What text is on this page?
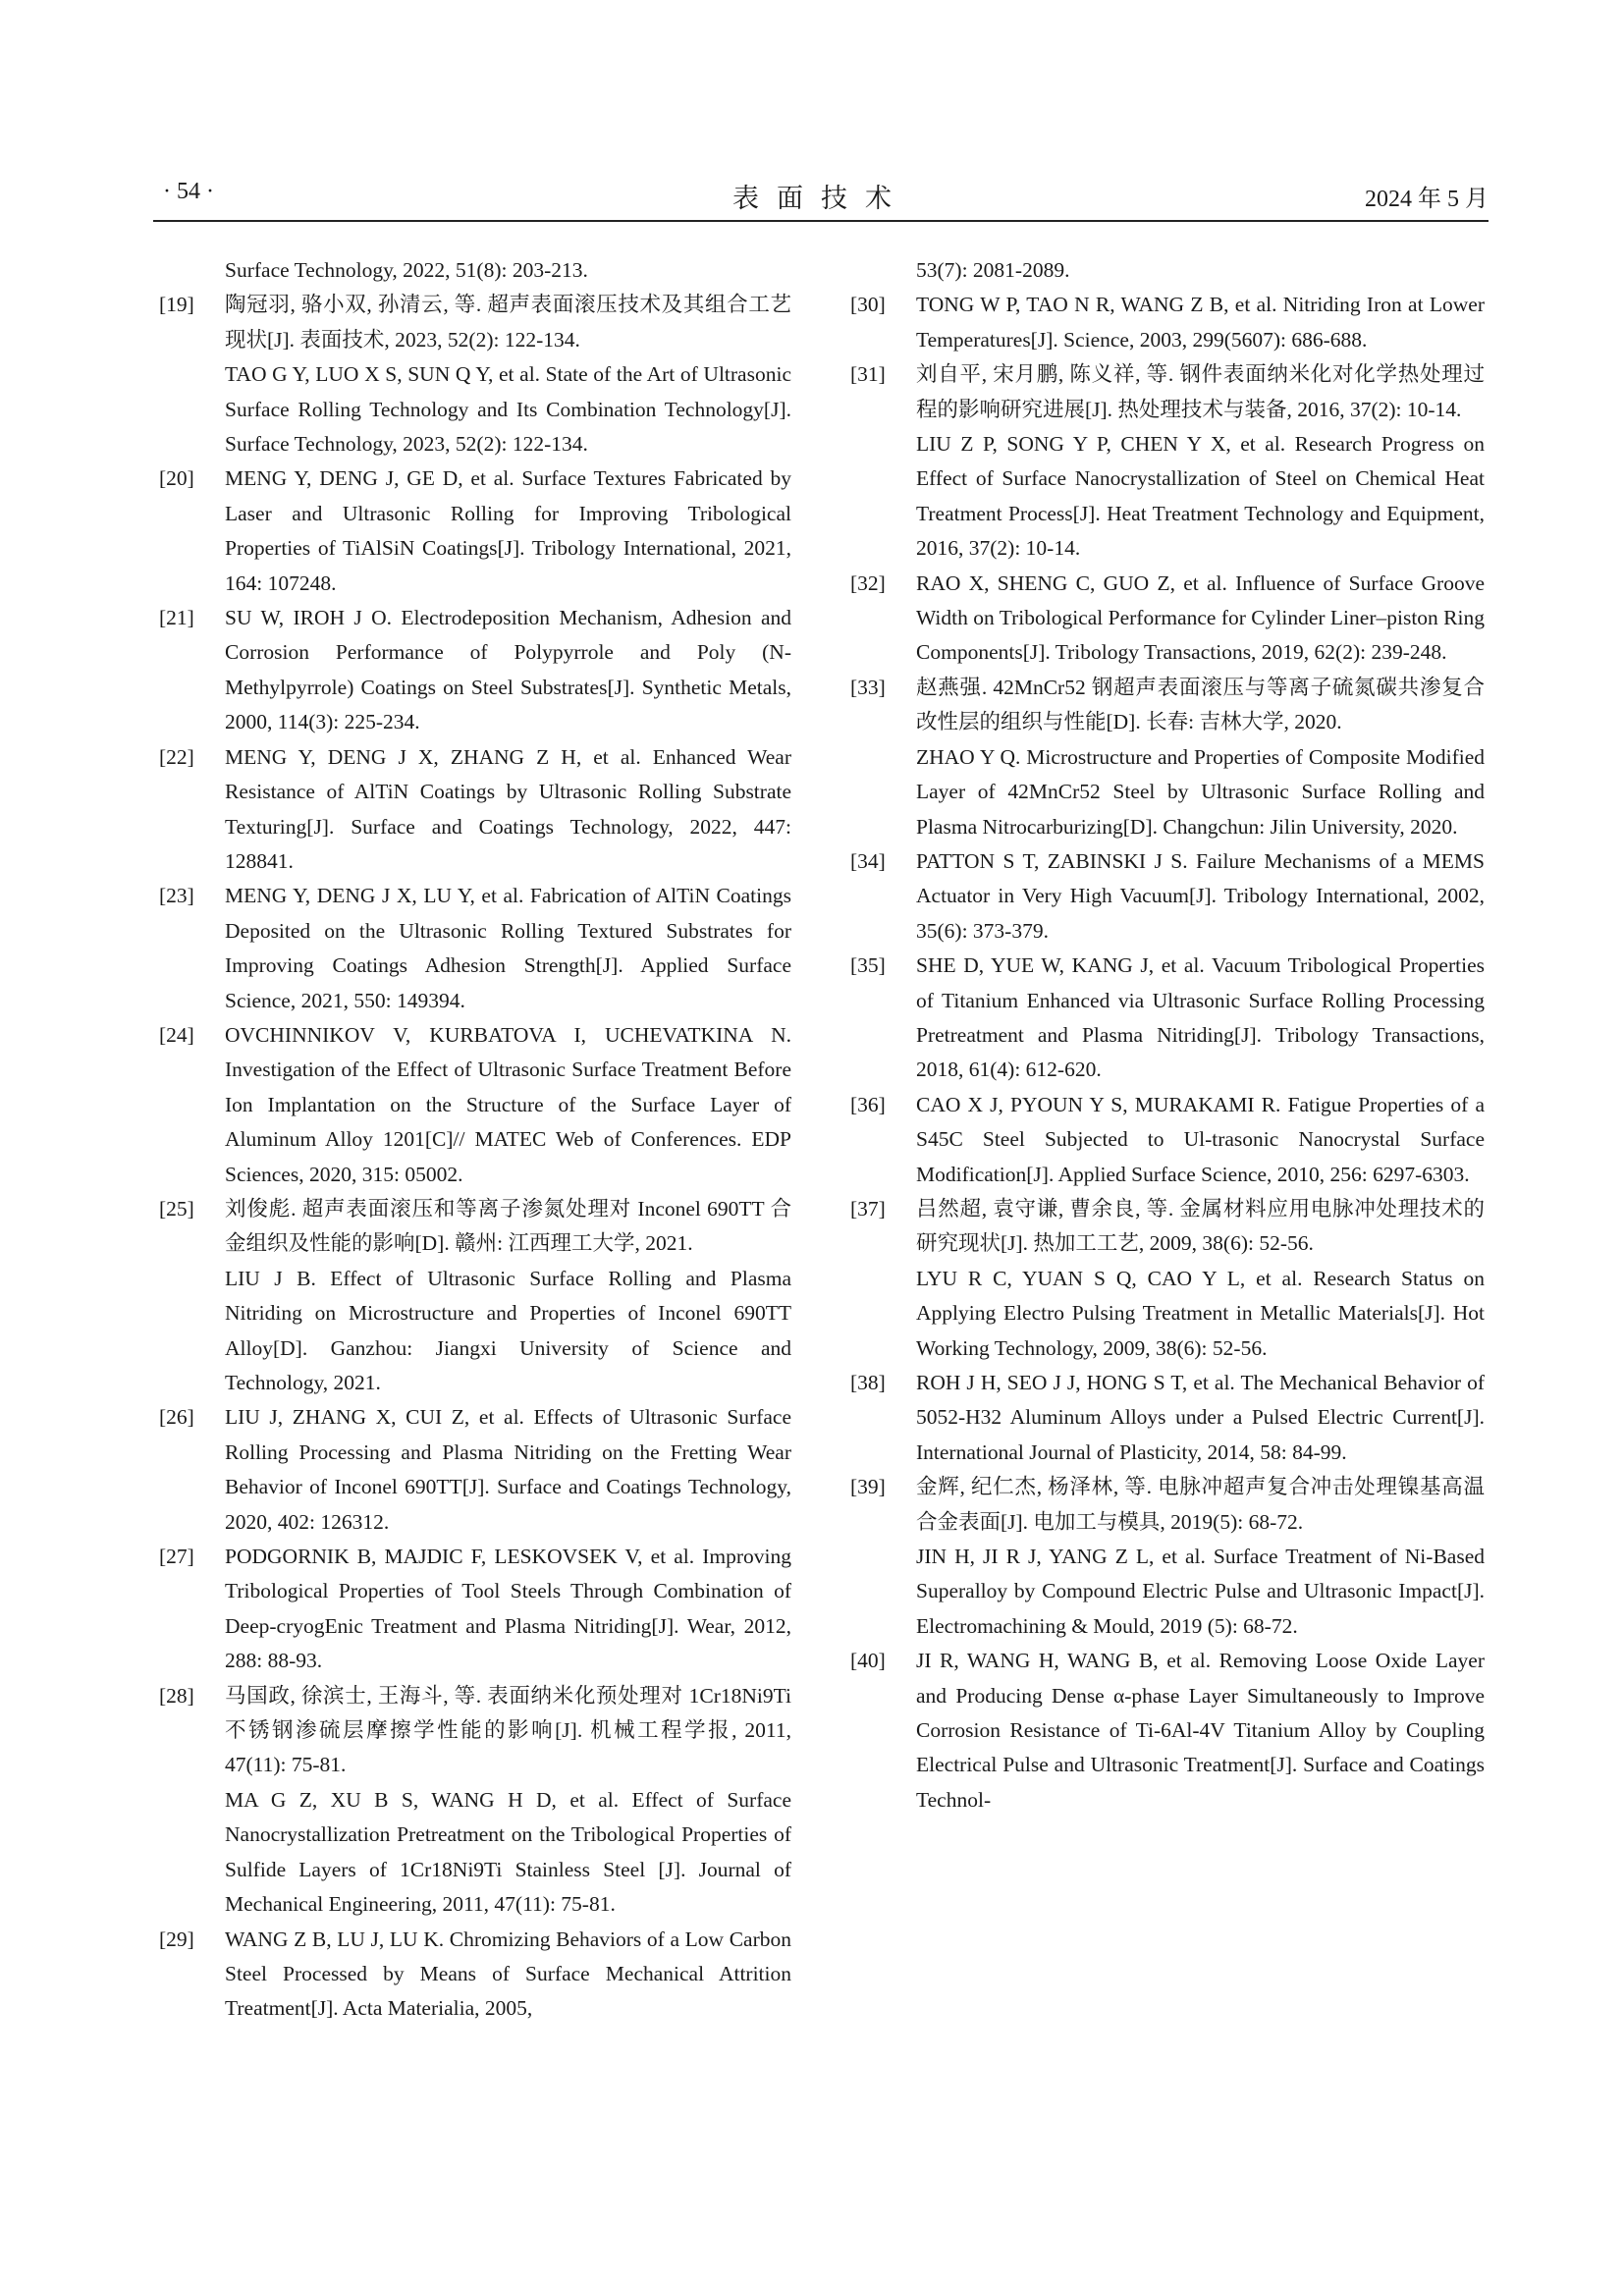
· 54 ·	表面技术	2024 年 5 月

Surface Technology, 2022, 51(8): 203-213.

[19]	陶冠羽, 骆小双, 孙清云, 等. 超声表面滚压技术及其组合工艺现状[J]. 表面技术, 2023, 52(2): 122-134.

TAO G Y, LUO X S, SUN Q Y, et al. State of the Art of Ultrasonic Surface Rolling Technology and Its Combination Technology[J]. Surface Technology, 2023, 52(2): 122-134.

[20]	MENG Y, DENG J, GE D, et al. Surface Textures Fabricated by Laser and Ultrasonic Rolling for Improving Tribological Properties of TiAlSiN Coatings[J]. Tribology International, 2021, 164: 107248.

[21]	SU W, IROH J O. Electrodeposition Mechanism, Adhesion and Corrosion Performance of Polypyrrole and Poly (N-Methylpyrrole) Coatings on Steel Substrates[J]. Synthetic Metals, 2000, 114(3): 225-234.

[22]	MENG Y, DENG J X, ZHANG Z H, et al. Enhanced Wear Resistance of AlTiN Coatings by Ultrasonic Rolling Substrate Texturing[J]. Surface and Coatings Technology, 2022, 447: 128841.

[23]	MENG Y, DENG J X, LU Y, et al. Fabrication of AlTiN Coatings Deposited on the Ultrasonic Rolling Textured Substrates for Improving Coatings Adhesion Strength[J]. Applied Surface Science, 2021, 550: 149394.

[24]	OVCHINNIKOV V, KURBATOVA I, UCHEVATKINA N. Investigation of the Effect of Ultrasonic Surface Treatment Before Ion Implantation on the Structure of the Surface Layer of Aluminum Alloy 1201[C]// MATEC Web of Conferences. EDP Sciences, 2020, 315: 05002.

[25]	刘俊彪. 超声表面滚压和等离子渗氮处理对 Inconel 690TT 合金组织及性能的影响[D]. 赣州: 江西理工大学, 2021.

LIU J B. Effect of Ultrasonic Surface Rolling and Plasma Nitriding on Microstructure and Properties of Inconel 690TT Alloy[D]. Ganzhou: Jiangxi University of Science and Technology, 2021.

[26]	LIU J, ZHANG X, CUI Z, et al. Effects of Ultrasonic Surface Rolling Processing and Plasma Nitriding on the Fretting Wear Behavior of Inconel 690TT[J]. Surface and Coatings Technology, 2020, 402: 126312.

[27]	PODGORNIK B, MAJDIC F, LESKOVSEK V, et al. Improving Tribological Properties of Tool Steels Through Combination of Deep-cryogEnic Treatment and Plasma Nitriding[J]. Wear, 2012, 288: 88-93.

[28]	马国政, 徐滨士, 王海斗, 等. 表面纳米化预处理对 1Cr18Ni9Ti 不锈钢渗硫层摩擦学性能的影响[J]. 机械工程学报, 2011, 47(11): 75-81.

MA G Z, XU B S, WANG H D, et al. Effect of Surface Nanocrystallization Pretreatment on the Tribological Properties of Sulfide Layers of 1Cr18Ni9Ti Stainless Steel [J]. Journal of Mechanical Engineering, 2011, 47(11): 75-81.

[29]	WANG Z B, LU J, LU K. Chromizing Behaviors of a Low Carbon Steel Processed by Means of Surface Mechanical Attrition Treatment[J]. Acta Materialia, 2005,

53(7): 2081-2089.

[30]	TONG W P, TAO N R, WANG Z B, et al. Nitriding Iron at Lower Temperatures[J]. Science, 2003, 299(5607): 686-688.

[31]	刘自平, 宋月鹏, 陈义祥, 等. 钢件表面纳米化对化学热处理过程的影响研究进展[J]. 热处理技术与装备, 2016, 37(2): 10-14.

LIU Z P, SONG Y P, CHEN Y X, et al. Research Progress on Effect of Surface Nanocrystallization of Steel on Chemical Heat Treatment Process[J]. Heat Treatment Technology and Equipment, 2016, 37(2): 10-14.

[32]	RAO X, SHENG C, GUO Z, et al. Influence of Surface Groove Width on Tribological Performance for Cylinder Liner–piston Ring Components[J]. Tribology Transactions, 2019, 62(2): 239-248.

[33]	赵燕强. 42MnCr52 钢超声表面滚压与等离子硫氮碳共渗复合改性层的组织与性能[D]. 长春: 吉林大学, 2020.

ZHAO Y Q. Microstructure and Properties of Composite Modified Layer of 42MnCr52 Steel by Ultrasonic Surface Rolling and Plasma Nitrocarburizing[D]. Changchun: Jilin University, 2020.

[34]	PATTON S T, ZABINSKI J S. Failure Mechanisms of a MEMS Actuator in Very High Vacuum[J]. Tribology International, 2002, 35(6): 373-379.

[35]	SHE D, YUE W, KANG J, et al. Vacuum Tribological Properties of Titanium Enhanced via Ultrasonic Surface Rolling Processing Pretreatment and Plasma Nitriding[J]. Tribology Transactions, 2018, 61(4): 612-620.

[36]	CAO X J, PYOUN Y S, MURAKAMI R. Fatigue Properties of a S45C Steel Subjected to Ul-trasonic Nanocrystal Surface Modification[J]. Applied Surface Science, 2010, 256: 6297-6303.

[37]	吕然超, 袁守谦, 曹余良, 等. 金属材料应用电脉冲处理技术的研究现状[J]. 热加工工艺, 2009, 38(6): 52-56.

LYU R C, YUAN S Q, CAO Y L, et al. Research Status on Applying Electro Pulsing Treatment in Metallic Materials[J]. Hot Working Technology, 2009, 38(6): 52-56.

[38]	ROH J H, SEO J J, HONG S T, et al. The Mechanical Behavior of 5052-H32 Aluminum Alloys under a Pulsed Electric Current[J]. International Journal of Plasticity, 2014, 58: 84-99.

[39]	金辉, 纪仁杰, 杨泽林, 等. 电脉冲超声复合冲击处理镍基高温合金表面[J]. 电加工与模具, 2019(5): 68-72.

JIN H, JI R J, YANG Z L, et al. Surface Treatment of Ni-Based Superalloy by Compound Electric Pulse and Ultrasonic Impact[J]. Electromachining & Mould, 2019 (5): 68-72.

[40]	JI R, WANG H, WANG B, et al. Removing Loose Oxide Layer and Producing Dense α-phase Layer Simultaneously to Improve Corrosion Resistance of Ti-6Al-4V Titanium Alloy by Coupling Electrical Pulse and Ultrasonic Treatment[J]. Surface and Coatings Technol-
